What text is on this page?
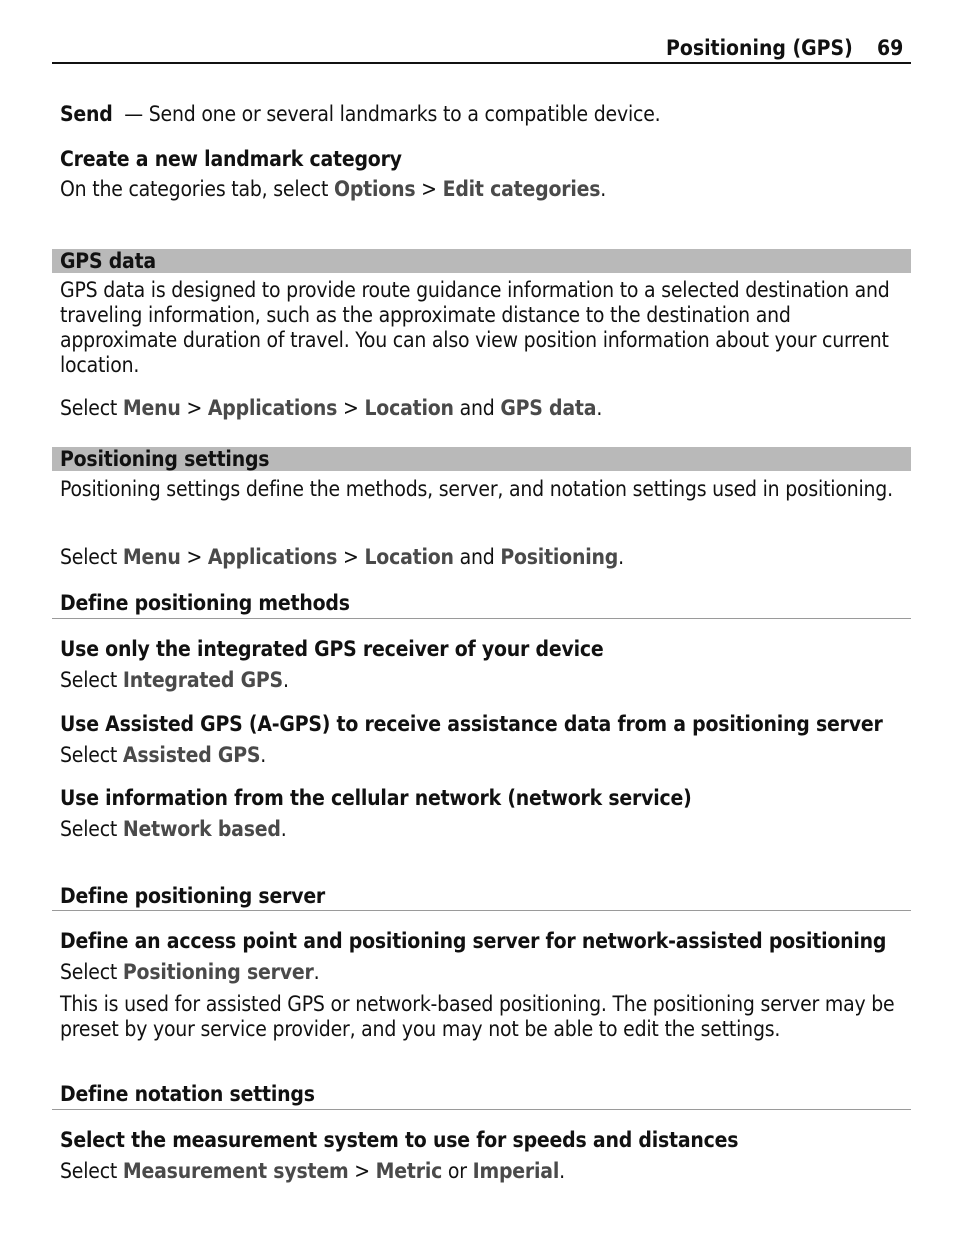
Positioning (GPS) 69

Send  — Send one or several landmarks to a compatible device.

Create a new landmark category

On the categories tab, select Options > Edit categories.

GPS data

GPS data is designed to provide route guidance information to a selected destination and traveling information, such as the approximate distance to the destination and approximate duration of travel. You can also view position information about your current location.

Select Menu > Applications > Location and GPS data.

Positioning settings

Positioning settings define the methods, server, and notation settings used in positioning.

Select Menu > Applications > Location and Positioning.

Define positioning methods

Use only the integrated GPS receiver of your device

Select Integrated GPS.

Use Assisted GPS (A-GPS) to receive assistance data from a positioning server

Select Assisted GPS.

Use information from the cellular network (network service)

Select Network based.

Define positioning server

Define an access point and positioning server for network-assisted positioning

Select Positioning server.

This is used for assisted GPS or network-based positioning. The positioning server may be preset by your service provider, and you may not be able to edit the settings.

Define notation settings

Select the measurement system to use for speeds and distances

Select Measurement system > Metric or Imperial.
